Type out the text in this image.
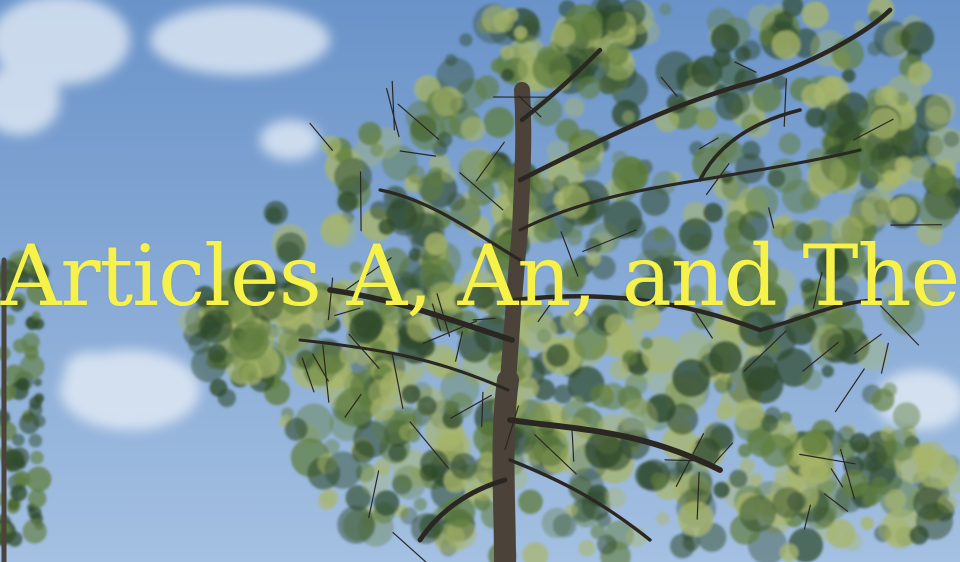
Articles A, An, and The
